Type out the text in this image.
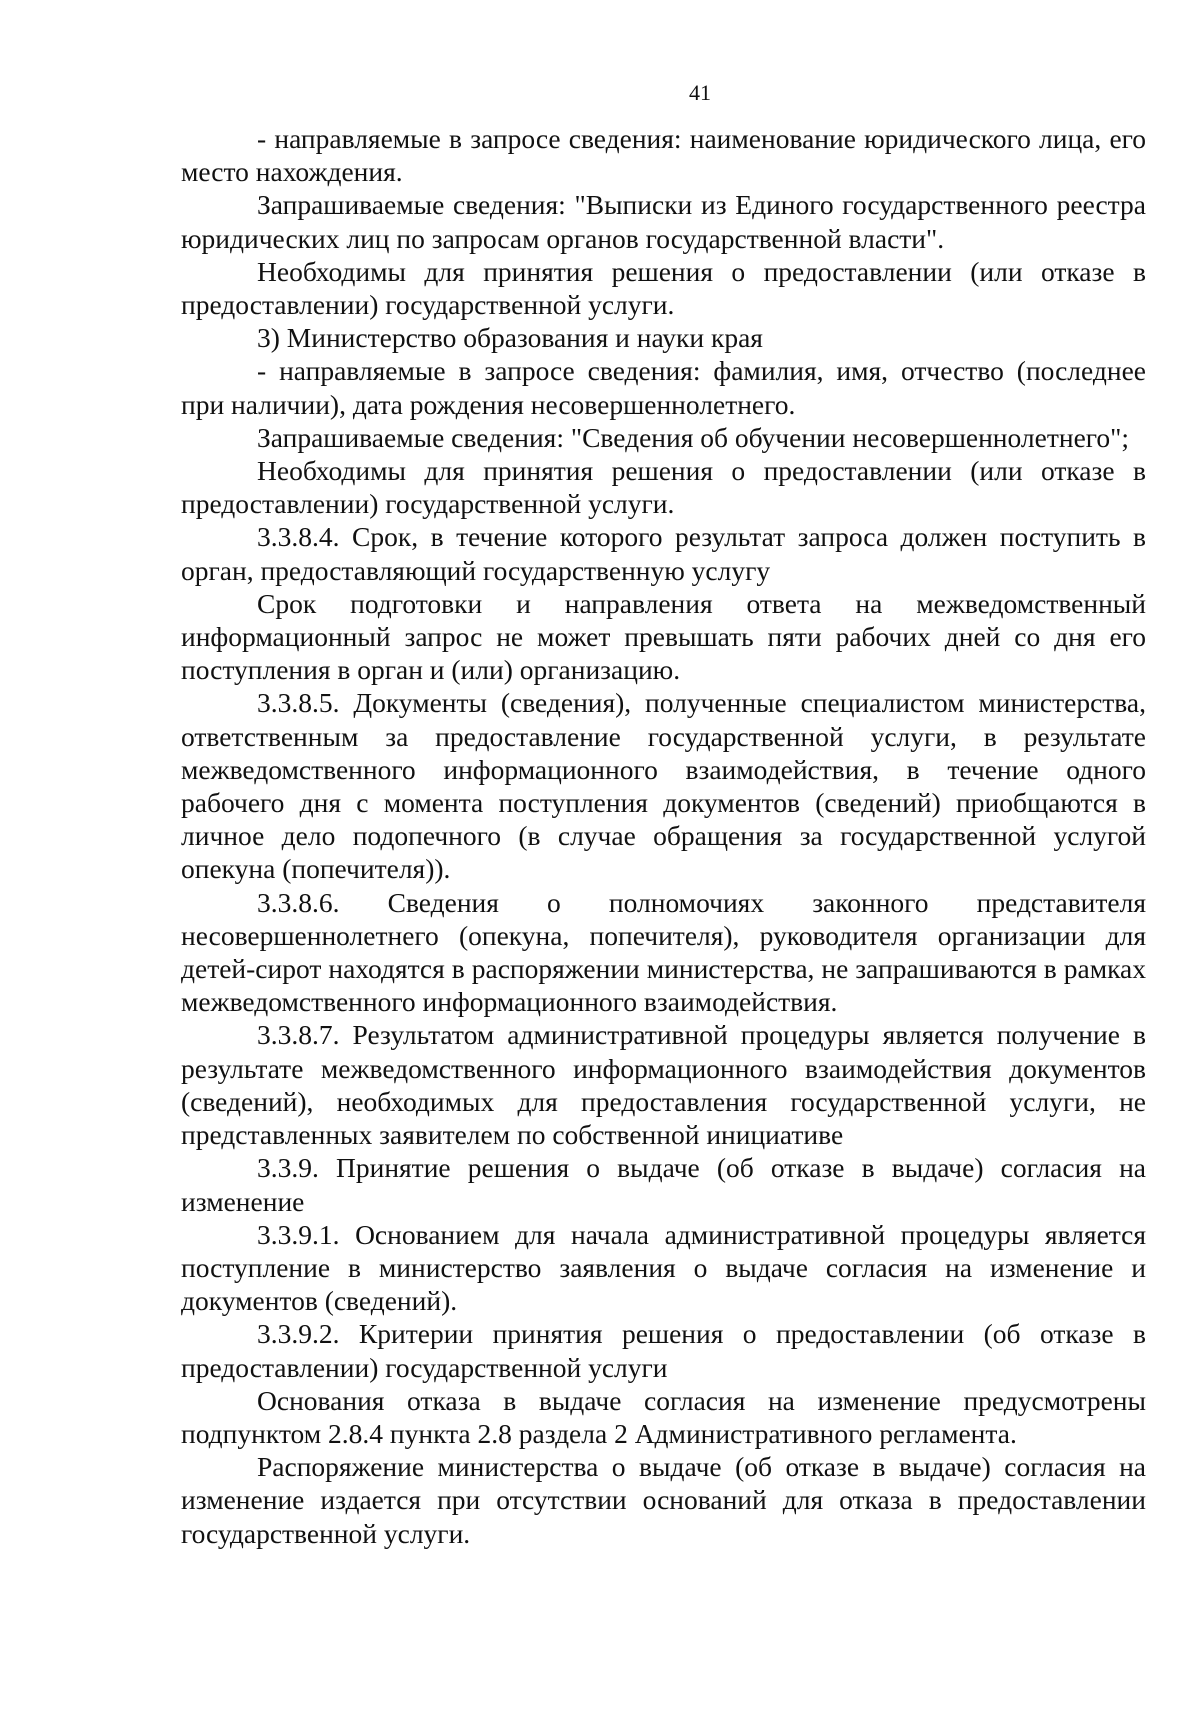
41

- направляемые в запросе сведения: наименование юридического лица, его место нахождения.

Запрашиваемые сведения: "Выписки из Единого государственного реестра юридических лиц по запросам органов государственной власти".

Необходимы для принятия решения о предоставлении (или отказе в предоставлении) государственной услуги.

3) Министерство образования и науки края

- направляемые в запросе сведения: фамилия, имя, отчество (последнее при наличии), дата рождения несовершеннолетнего.

Запрашиваемые сведения: "Сведения об обучении несовершеннолетнего";

Необходимы для принятия решения о предоставлении (или отказе в предоставлении) государственной услуги.

3.3.8.4. Срок, в течение которого результат запроса должен поступить в орган, предоставляющий государственную услугу

Срок подготовки и направления ответа на межведомственный информационный запрос не может превышать пяти рабочих дней со дня его поступления в орган и (или) организацию.

3.3.8.5. Документы (сведения), полученные специалистом министерства, ответственным за предоставление государственной услуги, в результате межведомственного информационного взаимодействия, в течение одного рабочего дня с момента поступления документов (сведений) приобщаются в личное дело подопечного (в случае обращения за государственной услугой опекуна (попечителя)).

3.3.8.6. Сведения о полномочиях законного представителя несовершеннолетнего (опекуна, попечителя), руководителя организации для детей-сирот находятся в распоряжении министерства, не запрашиваются в рамках межведомственного информационного взаимодействия.

3.3.8.7. Результатом административной процедуры является получение в результате межведомственного информационного взаимодействия документов (сведений), необходимых для предоставления государственной услуги, не представленных заявителем по собственной инициативе

3.3.9. Принятие решения о выдаче (об отказе в выдаче) согласия на изменение

3.3.9.1. Основанием для начала административной процедуры является поступление в министерство заявления о выдаче согласия на изменение и документов (сведений).

3.3.9.2. Критерии принятия решения о предоставлении (об отказе в предоставлении) государственной услуги

Основания отказа в выдаче согласия на изменение предусмотрены подпунктом 2.8.4 пункта 2.8 раздела 2 Административного регламента.

Распоряжение министерства о выдаче (об отказе в выдаче) согласия на изменение издается при отсутствии оснований для отказа в предоставлении государственной услуги.
